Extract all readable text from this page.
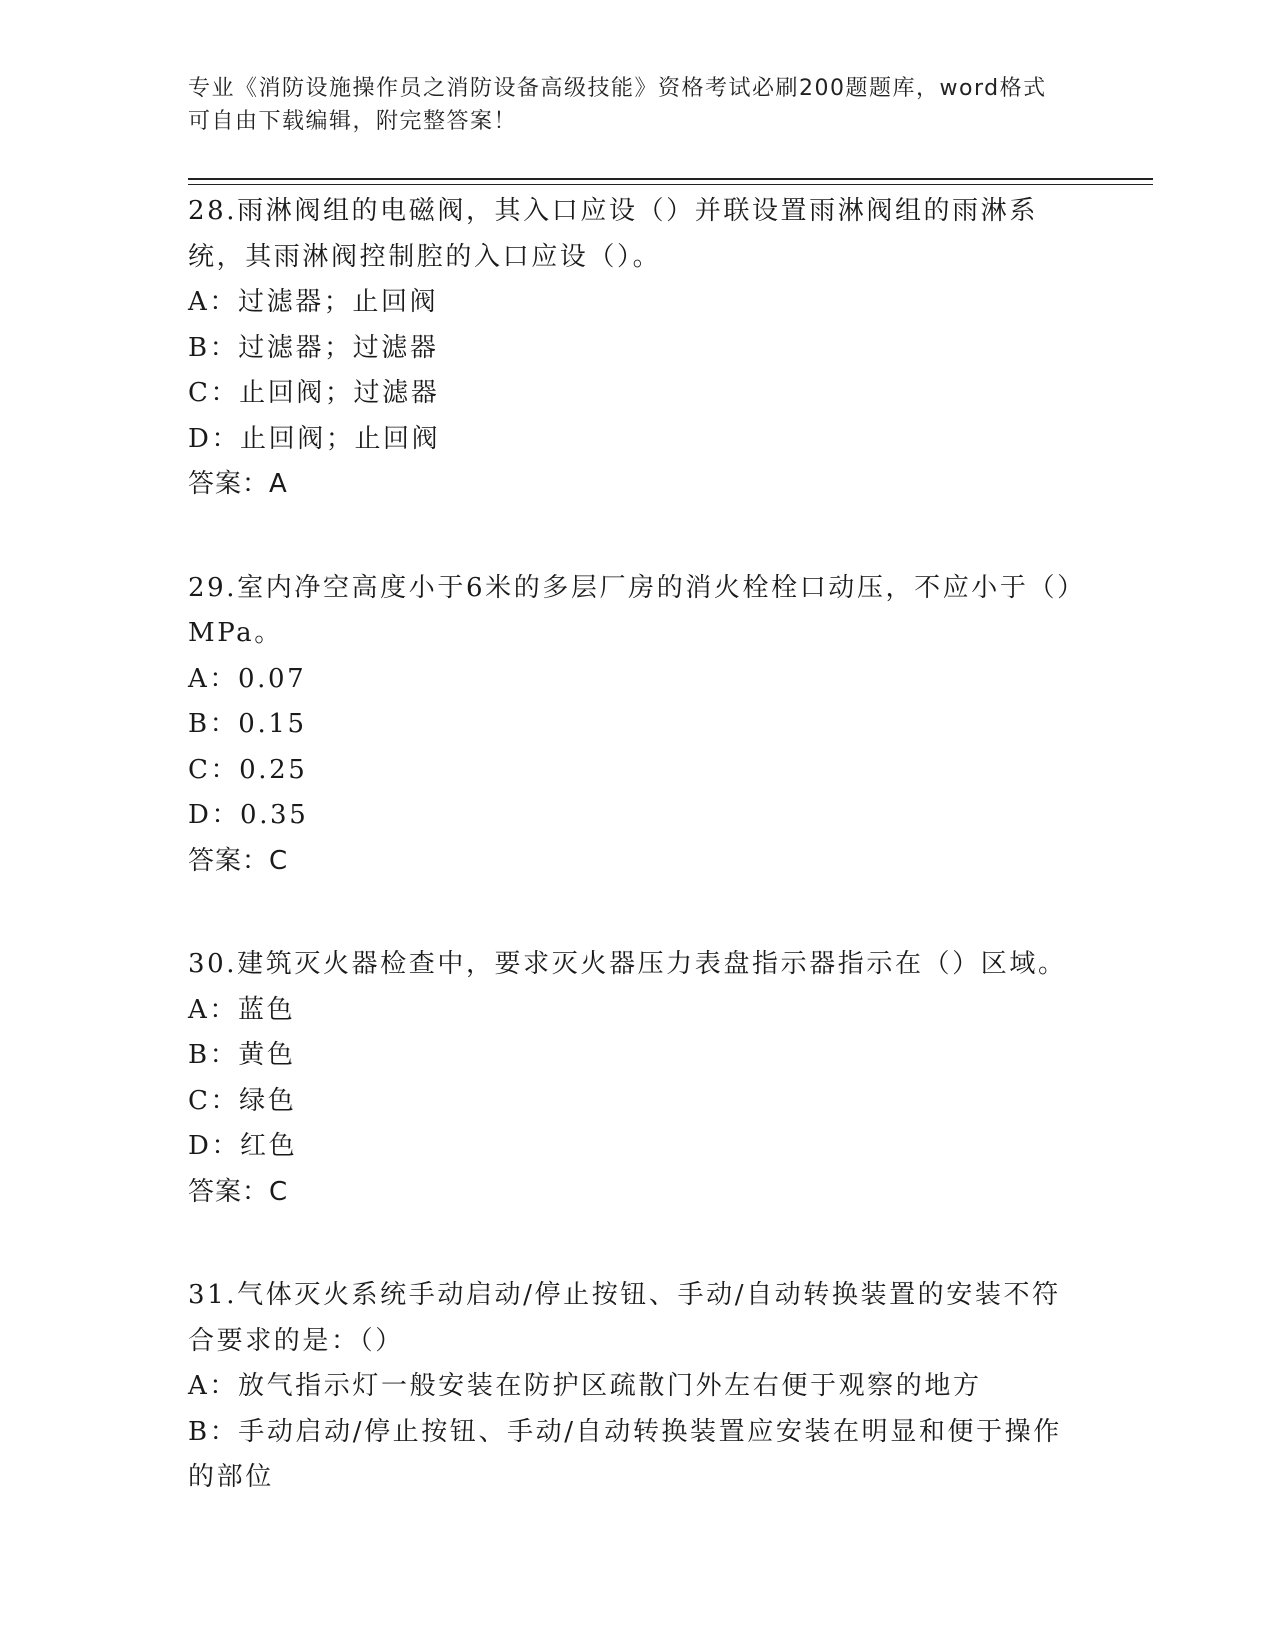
专业《消防设施操作员之消防设备高级技能》资格考试必刷200题题库，word格式可自由下载编辑，附完整答案！

28.雨淋阀组的电磁阀，其入口应设（）并联设置雨淋阀组的雨淋系统，其雨淋阀控制腔的入口应设（）。

A：过滤器；止回阀

B：过滤器；过滤器

C：止回阀；过滤器

D：止回阀；止回阀

答案：A

29.室内净空高度小于6米的多层厂房的消火栓栓口动压，不应小于（）MPa。

A：0.07

B：0.15

C：0.25

D：0.35

答案：C

30.建筑灭火器检查中，要求灭火器压力表盘指示器指示在（）区域。

A：蓝色

B：黄色

C：绿色

D：红色

答案：C

31.气体灭火系统手动启动/停止按钮、手动/自动转换装置的安装不符合要求的是：（）

A：放气指示灯一般安装在防护区疏散门外左右便于观察的地方

B：手动启动/停止按钮、手动/自动转换装置应安装在明显和便于操作的部位
